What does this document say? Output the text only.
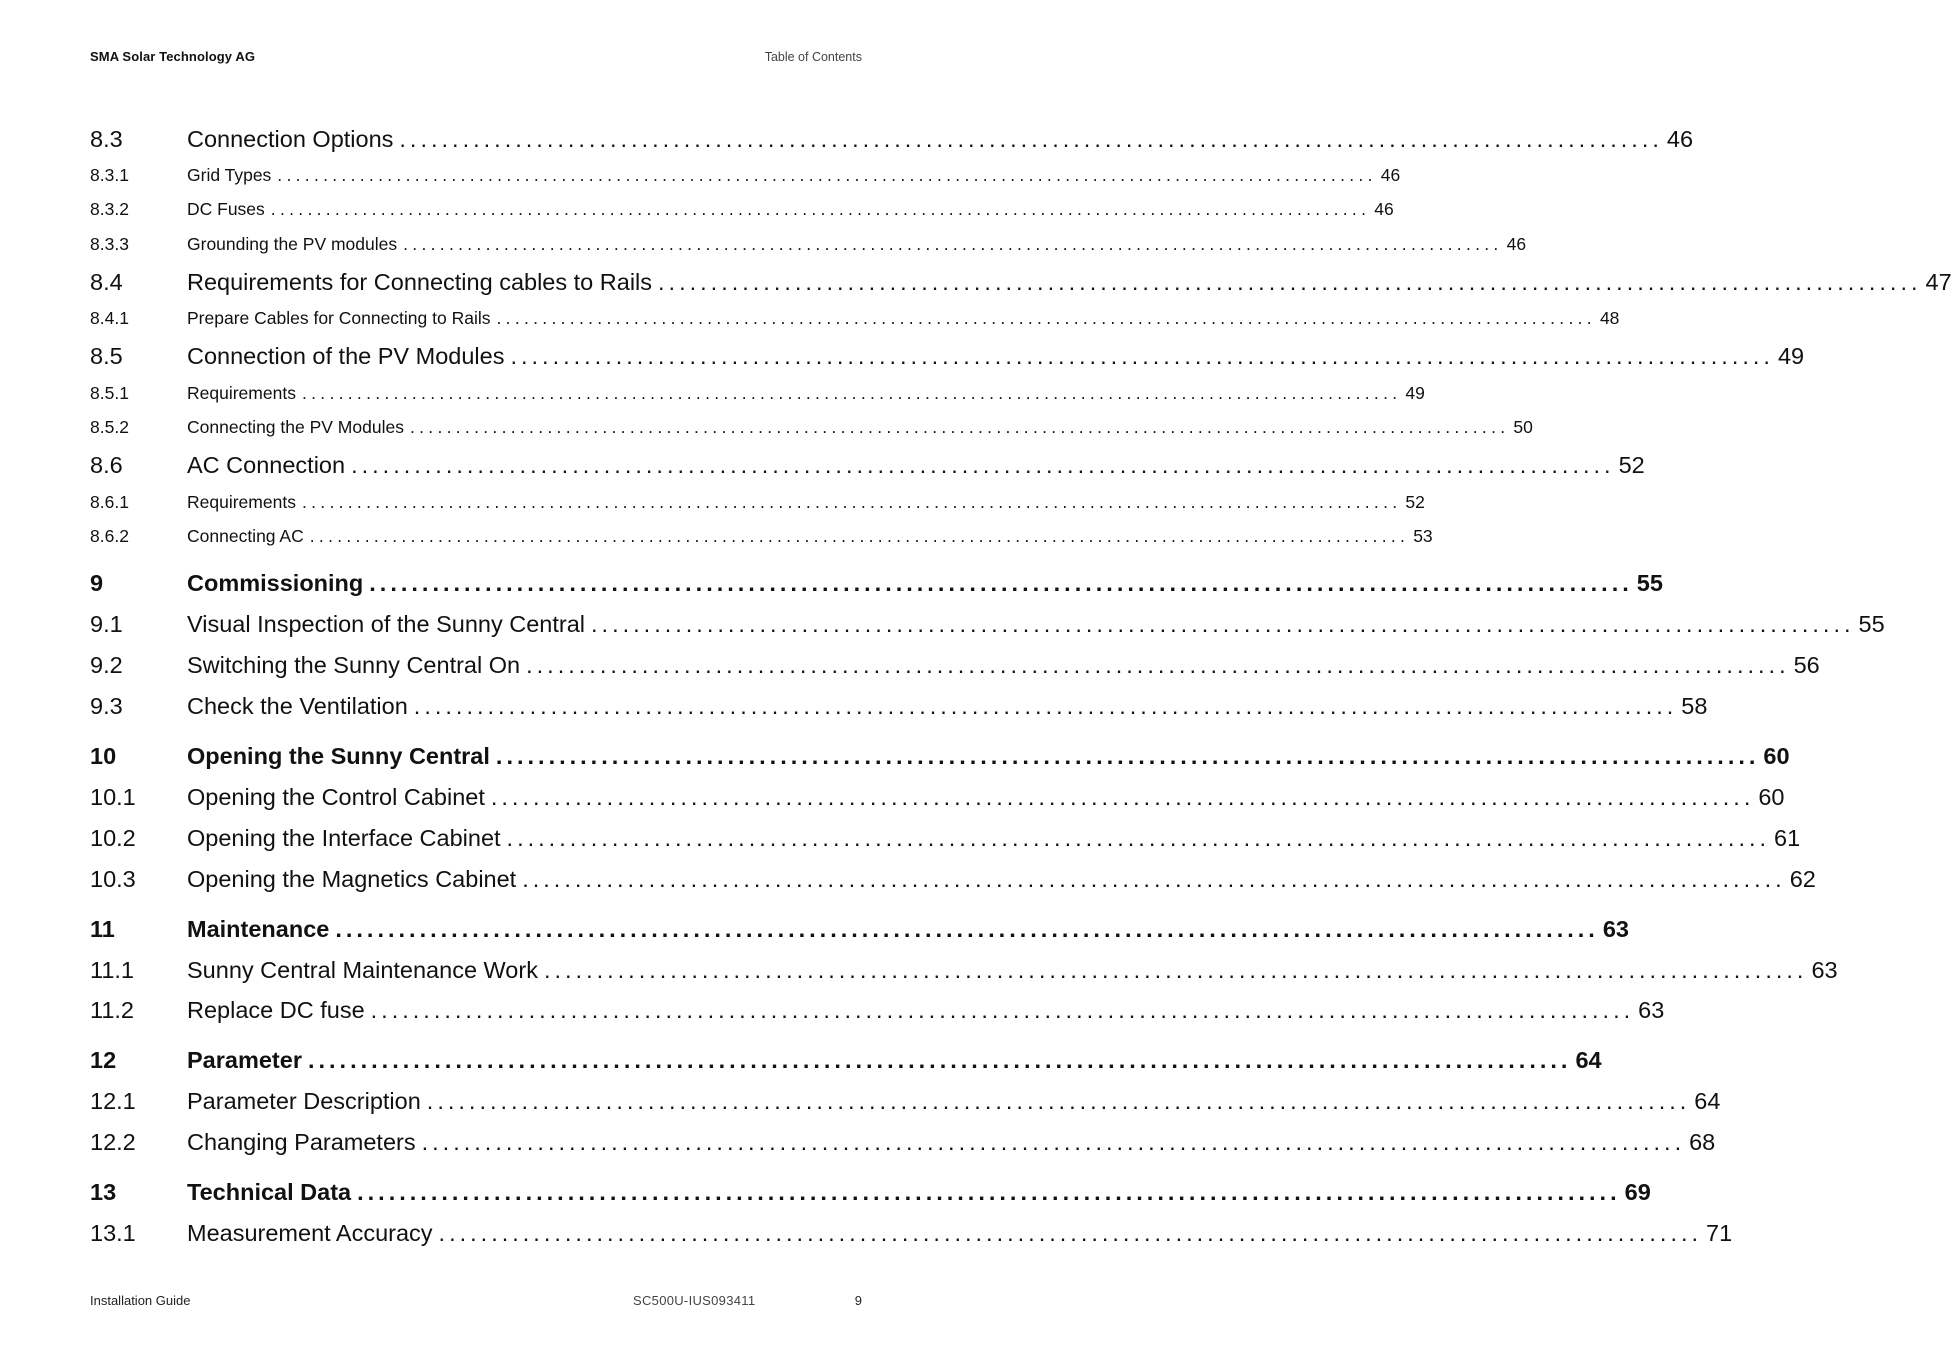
SMA Solar Technology AG	Table of Contents
8.3	Connection Options ........................................................................................................................ 46
8.3.1	Grid Types ........................................................................................................................ 46
8.3.2	DC Fuses ........................................................................................................................ 46
8.3.3	Grounding the PV modules ........................................................................................................................ 46
8.4	Requirements for Connecting cables to Rails ........................................................................................................................ 47
8.4.1	Prepare Cables for Connecting to Rails ........................................................................................................................ 48
8.5	Connection of the PV Modules ........................................................................................................................ 49
8.5.1	Requirements ........................................................................................................................ 49
8.5.2	Connecting the PV Modules ........................................................................................................................ 50
8.6	AC Connection ........................................................................................................................ 52
8.6.1	Requirements ........................................................................................................................ 52
8.6.2	Connecting AC ........................................................................................................................ 53
9	Commissioning ........................................................................................................................ 55
9.1	Visual Inspection of the Sunny Central ........................................................................................................................ 55
9.2	Switching the Sunny Central On ........................................................................................................................ 56
9.3	Check the Ventilation ........................................................................................................................ 58
10	Opening the Sunny Central ........................................................................................................................ 60
10.1	Opening the Control Cabinet ........................................................................................................................ 60
10.2	Opening the Interface Cabinet ........................................................................................................................ 61
10.3	Opening the Magnetics Cabinet ........................................................................................................................ 62
11	Maintenance ........................................................................................................................ 63
11.1	Sunny Central Maintenance Work ........................................................................................................................ 63
11.2	Replace DC fuse ........................................................................................................................ 63
12	Parameter ........................................................................................................................ 64
12.1	Parameter Description ........................................................................................................................ 64
12.2	Changing Parameters ........................................................................................................................ 68
13	Technical Data ........................................................................................................................ 69
13.1	Measurement Accuracy ........................................................................................................................ 71
Installation Guide	SC500U-IUS093411	9
